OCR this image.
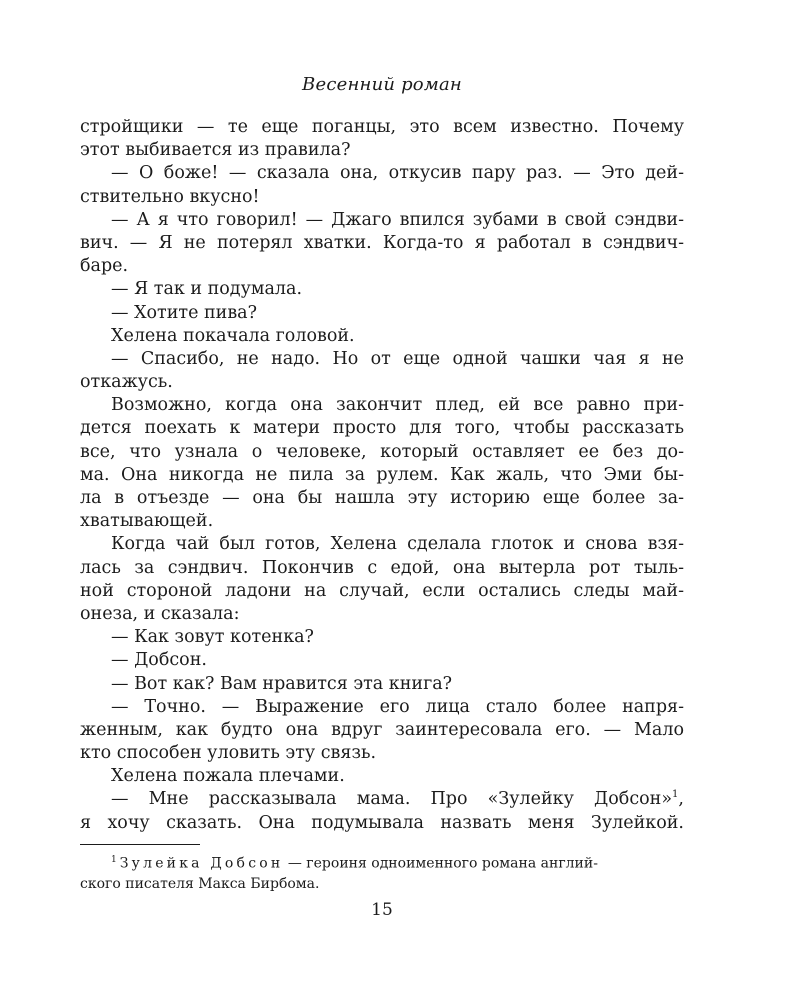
Весенний роман
стройщики — те еще поганцы, это всем известно. Почему
этот выбивается из правила?
— О боже! — сказала она, откусив пару раз. — Это дей-
ствительно вкусно!
— А я что говорил! — Джаго впился зубами в свой сэндви-
вич. — Я не потерял хватки. Когда-то я работал в сэндвич-
баре.
— Я так и подумала.
— Хотите пива?
Хелена покачала головой.
— Спасибо, не надо. Но от еще одной чашки чая я не
откажусь.
Возможно, когда она закончит плед, ей все равно при-
дется поехать к матери просто для того, чтобы рассказать
все, что узнала о человеке, который оставляет ее без до-
ма. Она никогда не пила за рулем. Как жаль, что Эми бы-
ла в отъезде — она бы нашла эту историю еще более за-
хватывающей.
Когда чай был готов, Хелена сделала глоток и снова взя-
лась за сэндвич. Покончив с едой, она вытерла рот тыль-
ной стороной ладони на случай, если остались следы май-
онеза, и сказала:
— Как зовут котенка?
— Добсон.
— Вот как? Вам нравится эта книга?
— Точно. — Выражение его лица стало более напря-
женным, как будто она вдруг заинтересовала его. — Мало
кто способен уловить эту связь.
Хелена пожала плечами.
— Мне рассказывала мама. Про «Зулейку Добсон»$^1$,
я хочу сказать. Она подумывала назвать меня Зулейкой.
$^1$ Зулейка Добсон — героиня одноименного романа англий-
ского писателя Макса Бирбома.
15
